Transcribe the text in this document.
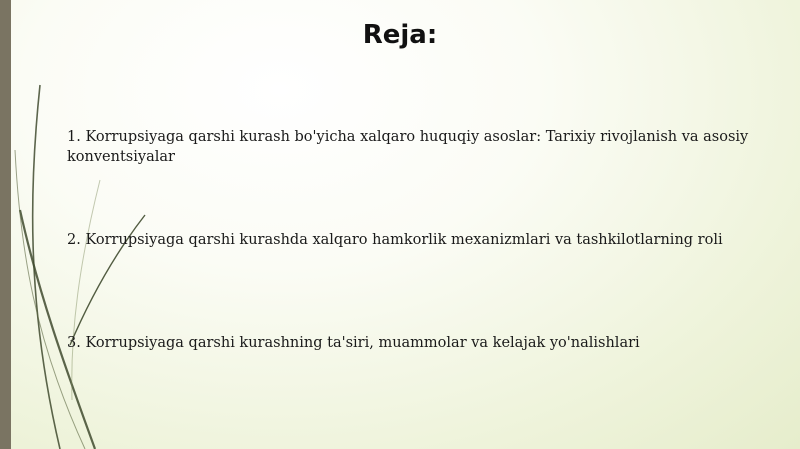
Reja:
1. Korrupsiyaga qarshi kurash bo'yicha xalqaro huquqiy asoslar: Tarixiy rivojlanish va asosiy konventsiyalar
2. Korrupsiyaga qarshi kurashda xalqaro hamkorlik mexanizmlari va tashkilotlarning roli
3. Korrupsiyaga qarshi kurashning ta'siri, muammolar va kelajak yo'nalishlari
